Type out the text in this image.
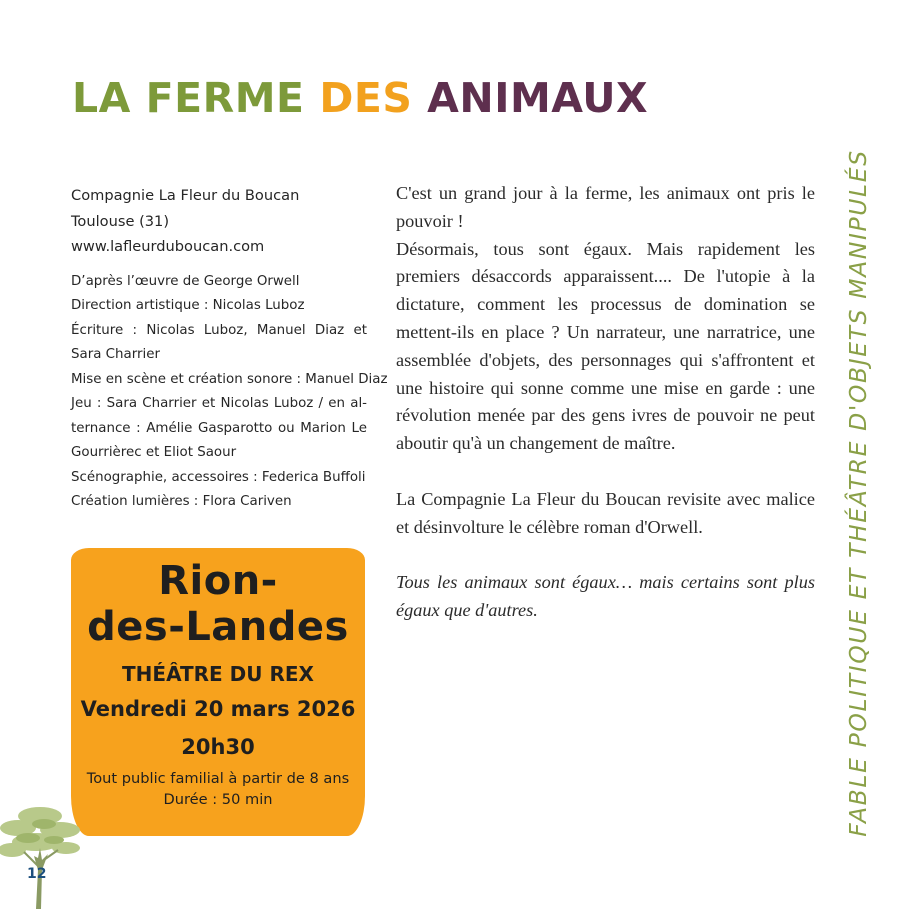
LA FERME DES ANIMAUX
Compagnie La Fleur du Boucan
Toulouse (31)
www.lafleurduboucan.com
D’après l’œuvre de George Orwell
Direction artistique : Nicolas Luboz
Écriture : Nicolas Luboz, Manuel Diaz et
Sara Charrier
Mise en scène et création sonore : Manuel Diaz
Jeu : Sara Charrier et Nicolas Luboz / en al-
ternance : Amélie Gasparotto ou Marion Le
Gourrièrec et Eliot Saour
Scénographie, accessoires : Federica Buffoli
Création lumières : Flora Cariven
Rion-
des-Landes
THÉÂTRE DU REX
Vendredi 20 mars 2026
20h30
Tout public familial à partir de 8 ans
Durée : 50 min

C'est un grand jour à la ferme, les animaux ont pris le pouvoir !

Désormais, tous sont égaux. Mais rapidement les premiers désaccords apparaissent.... De l'utopie à la dictature, comment les processus de domination se mettent-ils en place ? Un narrateur, une narratrice, une assemblée d'objets, des personnages qui s'affrontent et une histoire qui sonne comme une mise en garde : une révolution menée par des gens ivres de pouvoir ne peut aboutir qu'à un changement de maître.

La Compagnie La Fleur du Boucan revisite avec malice et désinvolture le célèbre roman d'Orwell.

Tous les animaux sont égaux… mais certains sont plus égaux que d'autres.	FABLE POLITIQUE ET THÉÂTRE D'OBJETS MANIPULÉS
12
